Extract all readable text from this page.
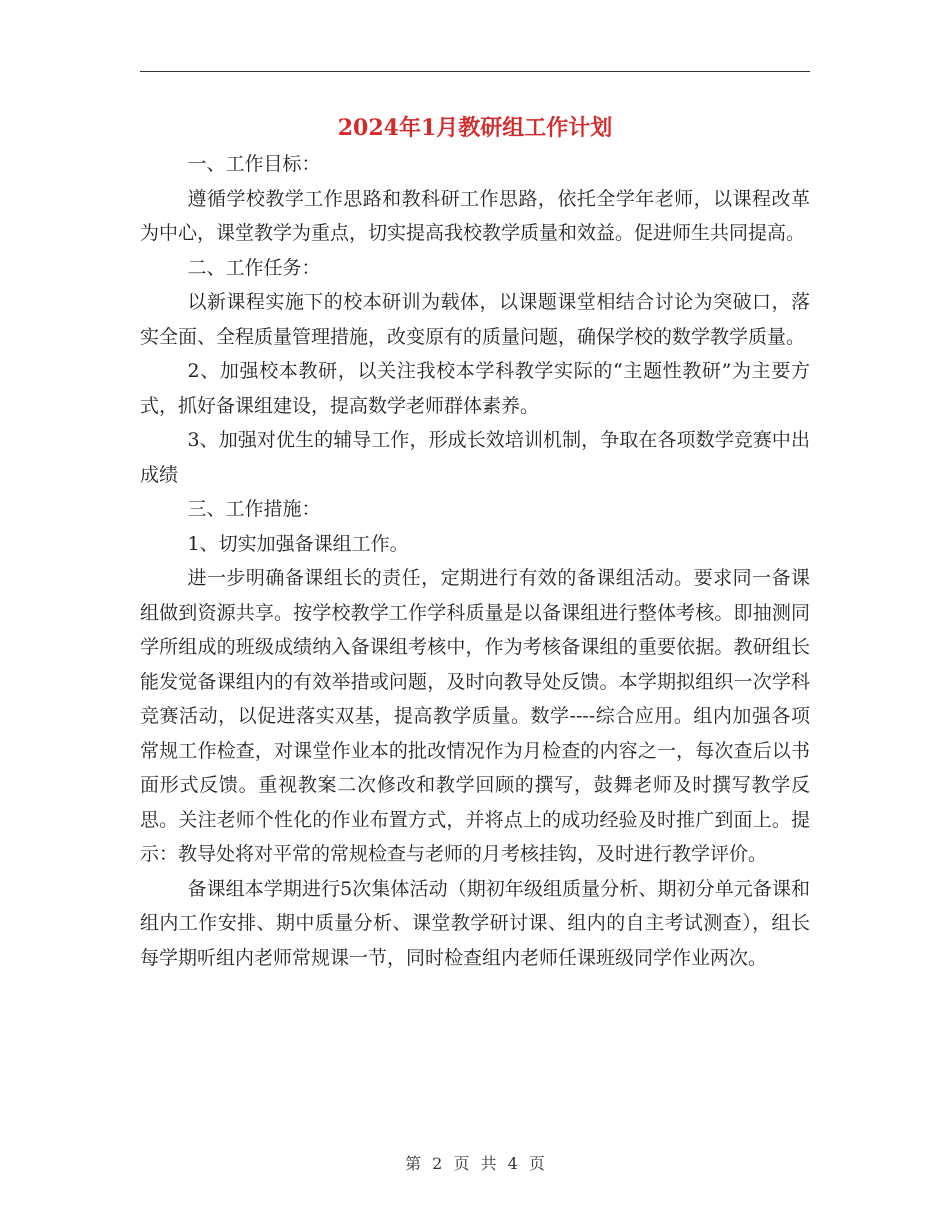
2024年1月教研组工作计划

一、工作目标：

遵循学校教学工作思路和教科研工作思路，依托全学年老师，以课程改革为中心，课堂教学为重点，切实提高我校教学质量和效益。促进师生共同提高。

二、工作任务：

以新课程实施下的校本研训为载体，以课题课堂相结合讨论为突破口，落实全面、全程质量管理措施，改变原有的质量问题，确保学校的数学教学质量。

2、加强校本教研，以关注我校本学科教学实际的“主题性教研”为主要方式，抓好备课组建设，提高数学老师群体素养。

3、加强对优生的辅导工作，形成长效培训机制，争取在各项数学竞赛中出成绩

三、工作措施：

1、切实加强备课组工作。

进一步明确备课组长的责任，定期进行有效的备课组活动。要求同一备课组做到资源共享。按学校教学工作学科质量是以备课组进行整体考核。即抽测同学所组成的班级成绩纳入备课组考核中，作为考核备课组的重要依据。教研组长能发觉备课组内的有效举措或问题，及时向教导处反馈。本学期拟组织一次学科竞赛活动，以促进落实双基，提高教学质量。数学----综合应用。组内加强各项常规工作检查，对课堂作业本的批改情况作为月检查的内容之一，每次查后以书面形式反馈。重视教案二次修改和教学回顾的撰写，鼓舞老师及时撰写教学反思。关注老师个性化的作业布置方式，并将点上的成功经验及时推广到面上。提示：教导处将对平常的常规检查与老师的月考核挂钩，及时进行教学评价。

备课组本学期进行5次集体活动（期初年级组质量分析、期初分单元备课和组内工作安排、期中质量分析、课堂教学研讨课、组内的自主考试测查），组长每学期听组内老师常规课一节，同时检查组内老师任课班级同学作业两次。

第 2 页 共 4 页
